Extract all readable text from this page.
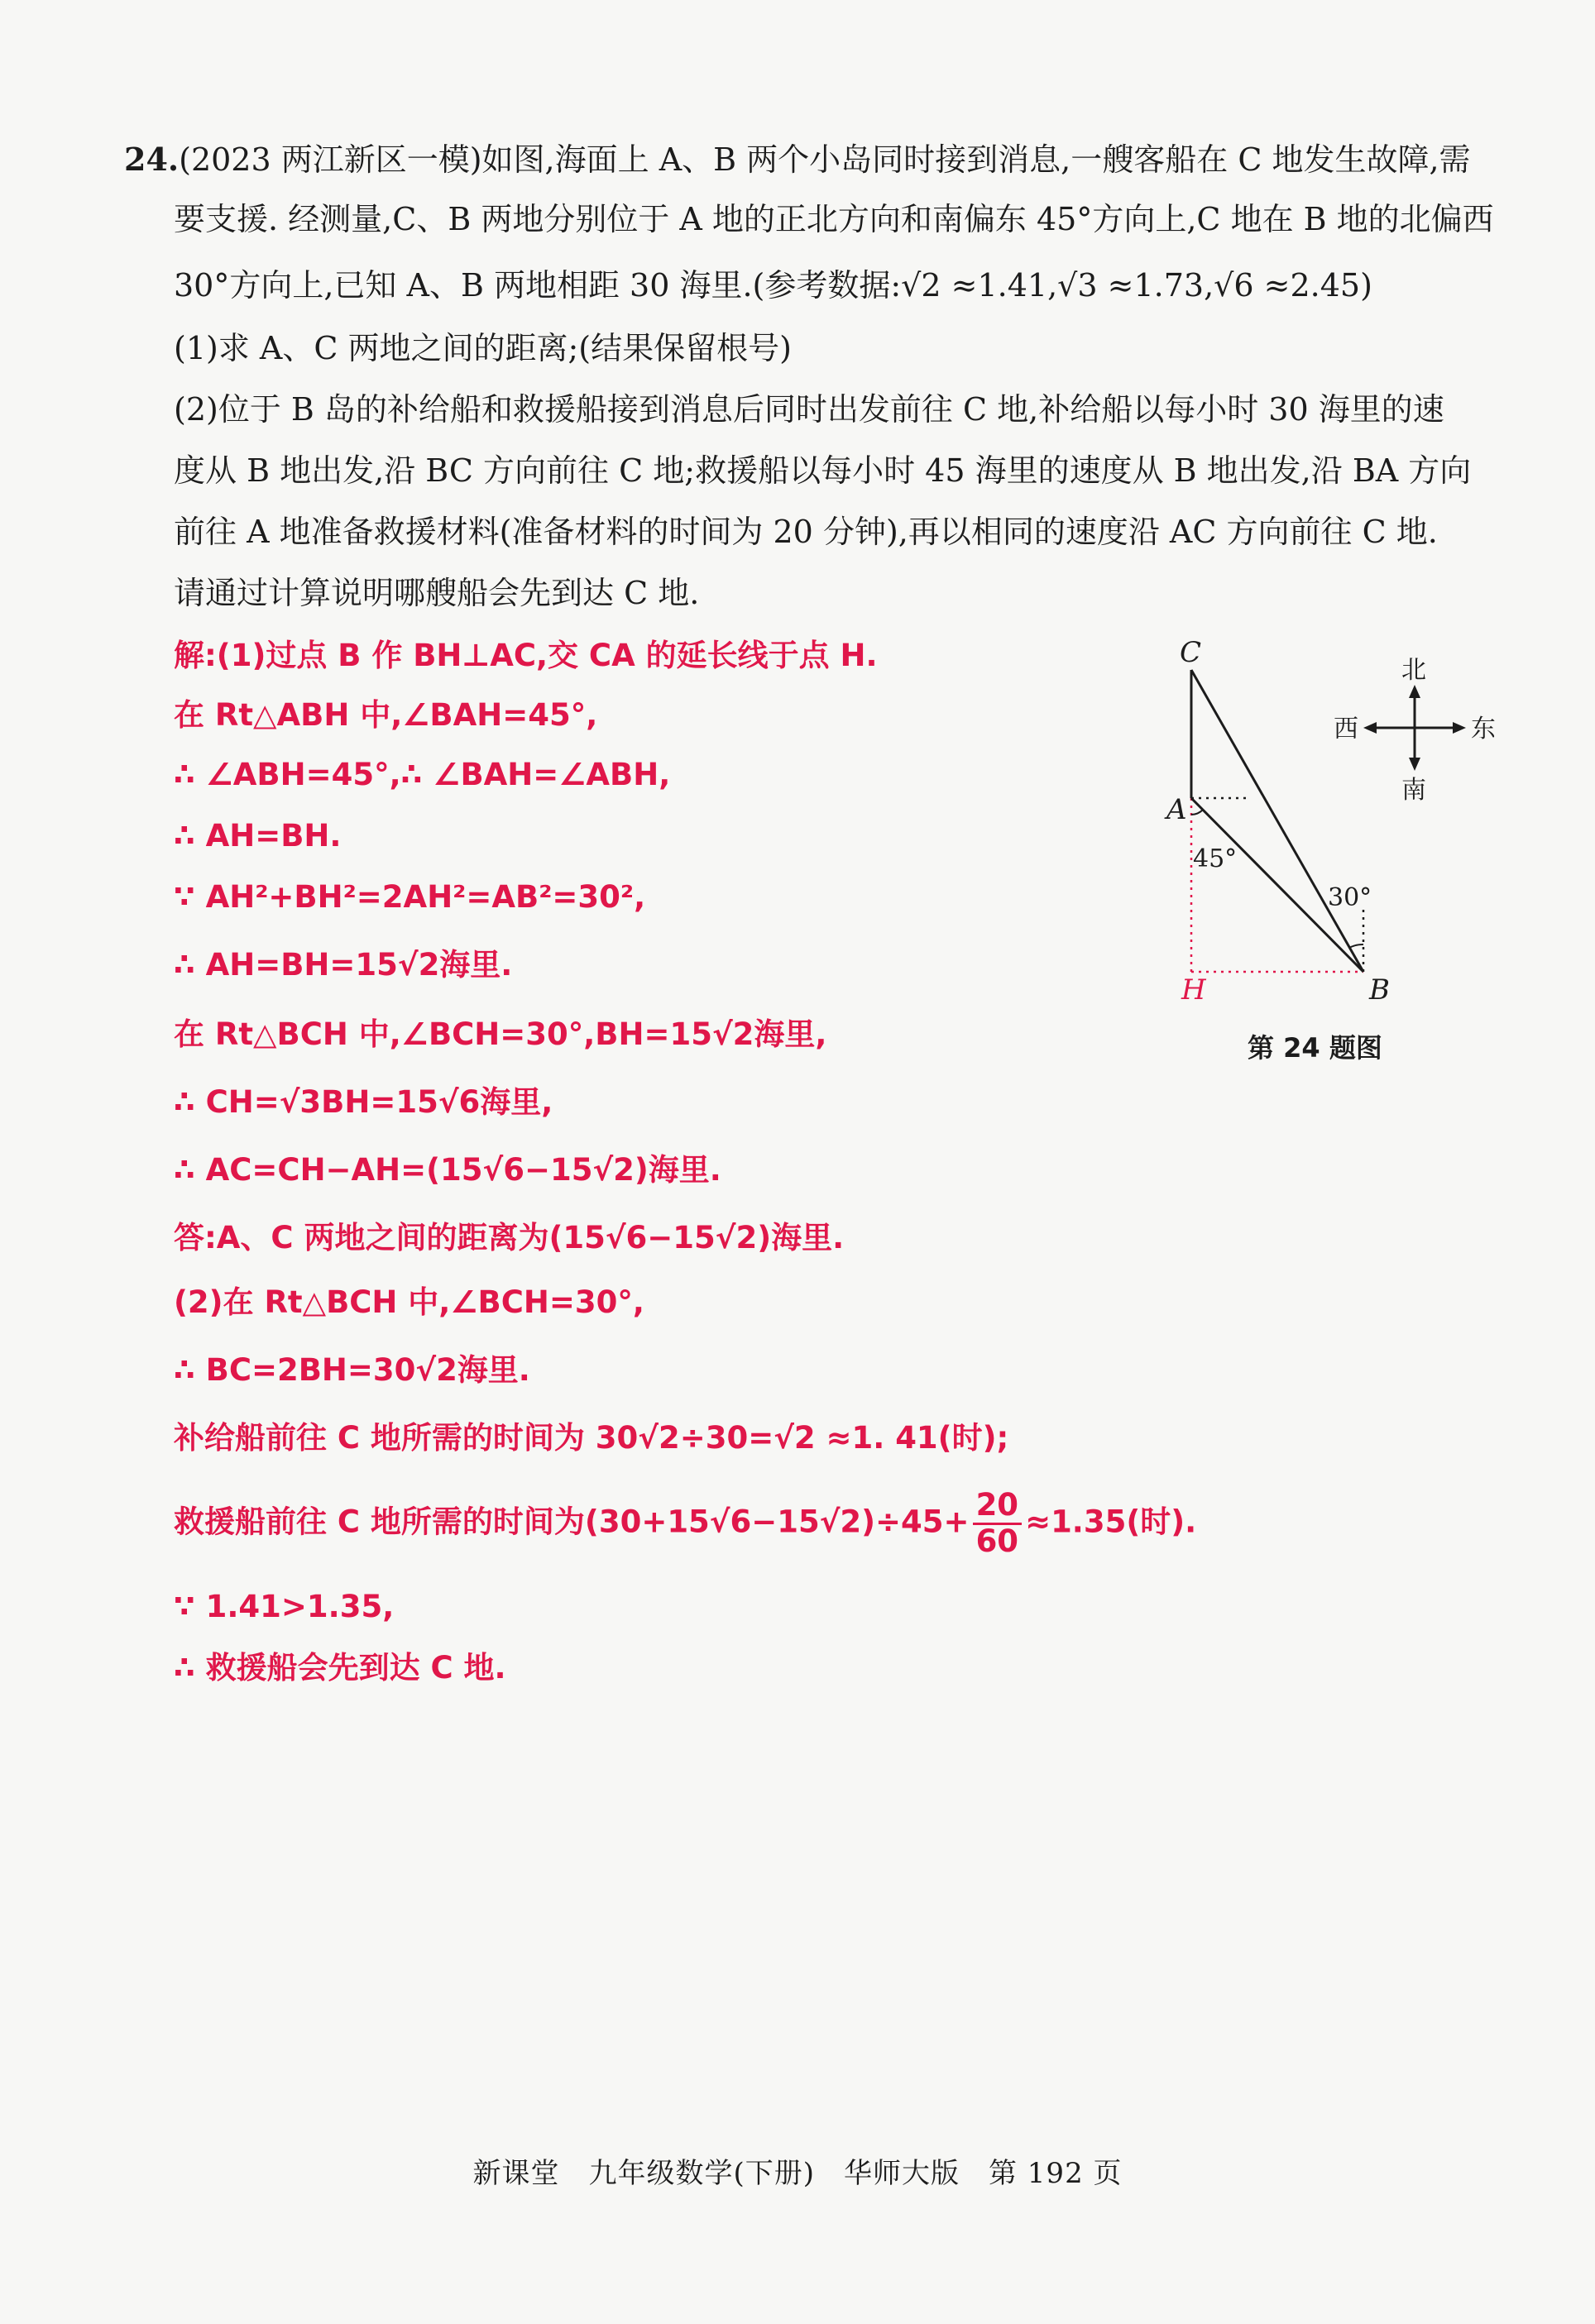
24.(2023 两江新区一模)如图,海面上 A、B 两个小岛同时接到消息,一艘客船在 C 地发生故障,需
要支援. 经测量,C、B 两地分别位于 A 地的正北方向和南偏东 45°方向上,C 地在 B 地的北偏西
30°方向上,已知 A、B 两地相距 30 海里.(参考数据:√2 ≈1.41,√3 ≈1.73,√6 ≈2.45)
(1)求 A、C 两地之间的距离;(结果保留根号)
(2)位于 B 岛的补给船和救援船接到消息后同时出发前往 C 地,补给船以每小时 30 海里的速
度从 B 地出发,沿 BC 方向前往 C 地;救援船以每小时 45 海里的速度从 B 地出发,沿 BA 方向
前往 A 地准备救援材料(准备材料的时间为 20 分钟),再以相同的速度沿 AC 方向前往 C 地.
请通过计算说明哪艘船会先到达 C 地.
解:(1)过点 B 作 BH⊥AC,交 CA 的延长线于点 H.
在 Rt△ABH 中,∠BAH=45°,
∴ ∠ABH=45°,∴ ∠BAH=∠ABH,
∴ AH=BH.
∵ AH²+BH²=2AH²=AB²=30²,
∴ AH=BH=15√2海里.
在 Rt△BCH 中,∠BCH=30°,BH=15√2海里,
∴ CH=√3BH=15√6海里,
∴ AC=CH−AH=(15√6−15√2)海里.
答:A、C 两地之间的距离为(15√6−15√2)海里.
(2)在 Rt△BCH 中,∠BCH=30°,
∴ BC=2BH=30√2海里.
补给船前往 C 地所需的时间为 30√2÷30=√2 ≈1. 41(时);
救援船前往 C 地所需的时间为$(30+15√6-15√2)\div 45+ \frac{20}{60} \approx 1.35$(时).
∵ 1.41>1.35,
∴ 救援船会先到达 C 地.
C
A
B
H
45°
30°
北
南
西	东
第 24 题图
新课堂　九年级数学(下册)　华师大版　第 192 页
